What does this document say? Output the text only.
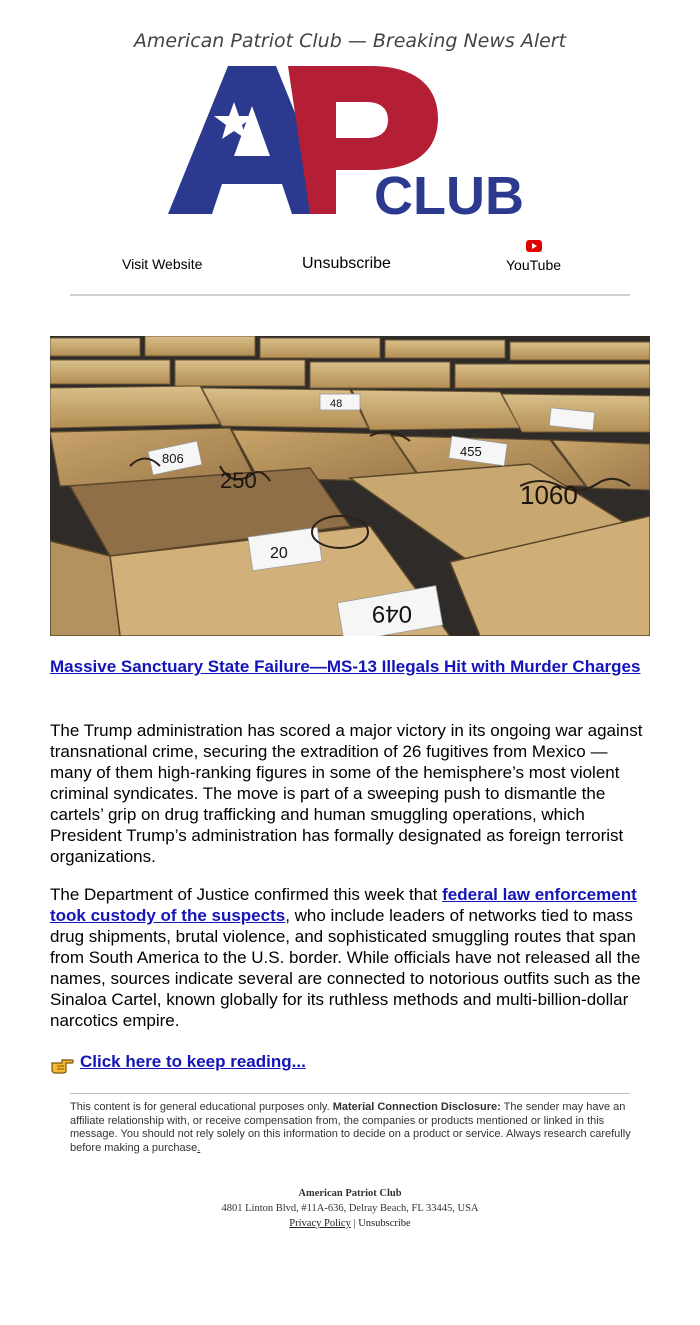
American Patriot Club — Breaking News Alert
CLUB
Visit Website	Unsubscribe	YouTube
20
049
455
1060
250
806
48
Massive Sanctuary State Failure—MS-13 Illegals Hit with Murder Charges
The Trump administration has scored a major victory in its ongoing war against transnational crime, securing the extradition of 26 fugitives from Mexico — many of them high-ranking figures in some of the hemisphere’s most violent criminal syndicates. The move is part of a sweeping push to dismantle the cartels’ grip on drug trafficking and human smuggling operations, which President Trump’s administration has formally designated as foreign terrorist organizations.
The Department of Justice confirmed this week that federal law enforcement took custody of the suspects, who include leaders of networks tied to mass drug shipments, brutal violence, and sophisticated smuggling routes that span from South America to the U.S. border. While officials have not released all the names, sources indicate several are connected to notorious outfits such as the Sinaloa Cartel, known globally for its ruthless methods and multi-billion-dollar narcotics empire.
Click here to keep reading...
This content is for general educational purposes only. Material Connection Disclosure: The sender may have an affiliate relationship with, or receive compensation from, the companies or products mentioned or linked in this message. You should not rely solely on this information to decide on a product or service. Always research carefully before making a purchase.
American Patriot Club
4801 Linton Blvd, #11A-636, Delray Beach, FL 33445, USA
Privacy Policy | Unsubscribe
